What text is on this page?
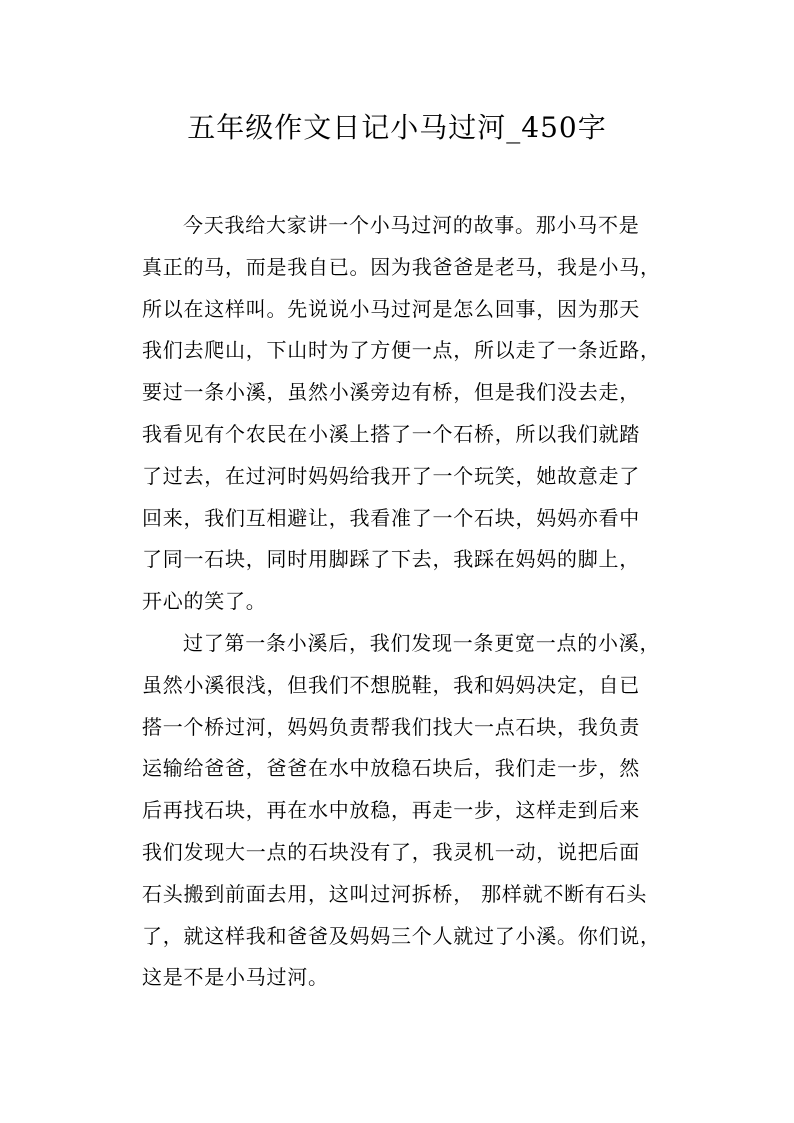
五年级作文日记小马过河_450字
今天我给大家讲一个小马过河的故事。那小马不是
真正的马，而是我自已。因为我爸爸是老马，我是小马，
所以在这样叫。先说说小马过河是怎么回事，因为那天
我们去爬山，下山时为了方便一点，所以走了一条近路，
要过一条小溪，虽然小溪旁边有桥，但是我们没去走，
我看见有个农民在小溪上搭了一个石桥，所以我们就踏
了过去，在过河时妈妈给我开了一个玩笑，她故意走了
回来，我们互相避让，我看准了一个石块，妈妈亦看中
了同一石块，同时用脚踩了下去，我踩在妈妈的脚上，
开心的笑了。
过了第一条小溪后，我们发现一条更宽一点的小溪，
虽然小溪很浅，但我们不想脱鞋，我和妈妈决定，自已
搭一个桥过河，妈妈负责帮我们找大一点石块，我负责
运输给爸爸，爸爸在水中放稳石块后，我们走一步，然
后再找石块，再在水中放稳，再走一步，这样走到后来
我们发现大一点的石块没有了，我灵机一动，说把后面
石头搬到前面去用，这叫过河拆桥， 那样就不断有石头
了，就这样我和爸爸及妈妈三个人就过了小溪。你们说，
这是不是小马过河。
